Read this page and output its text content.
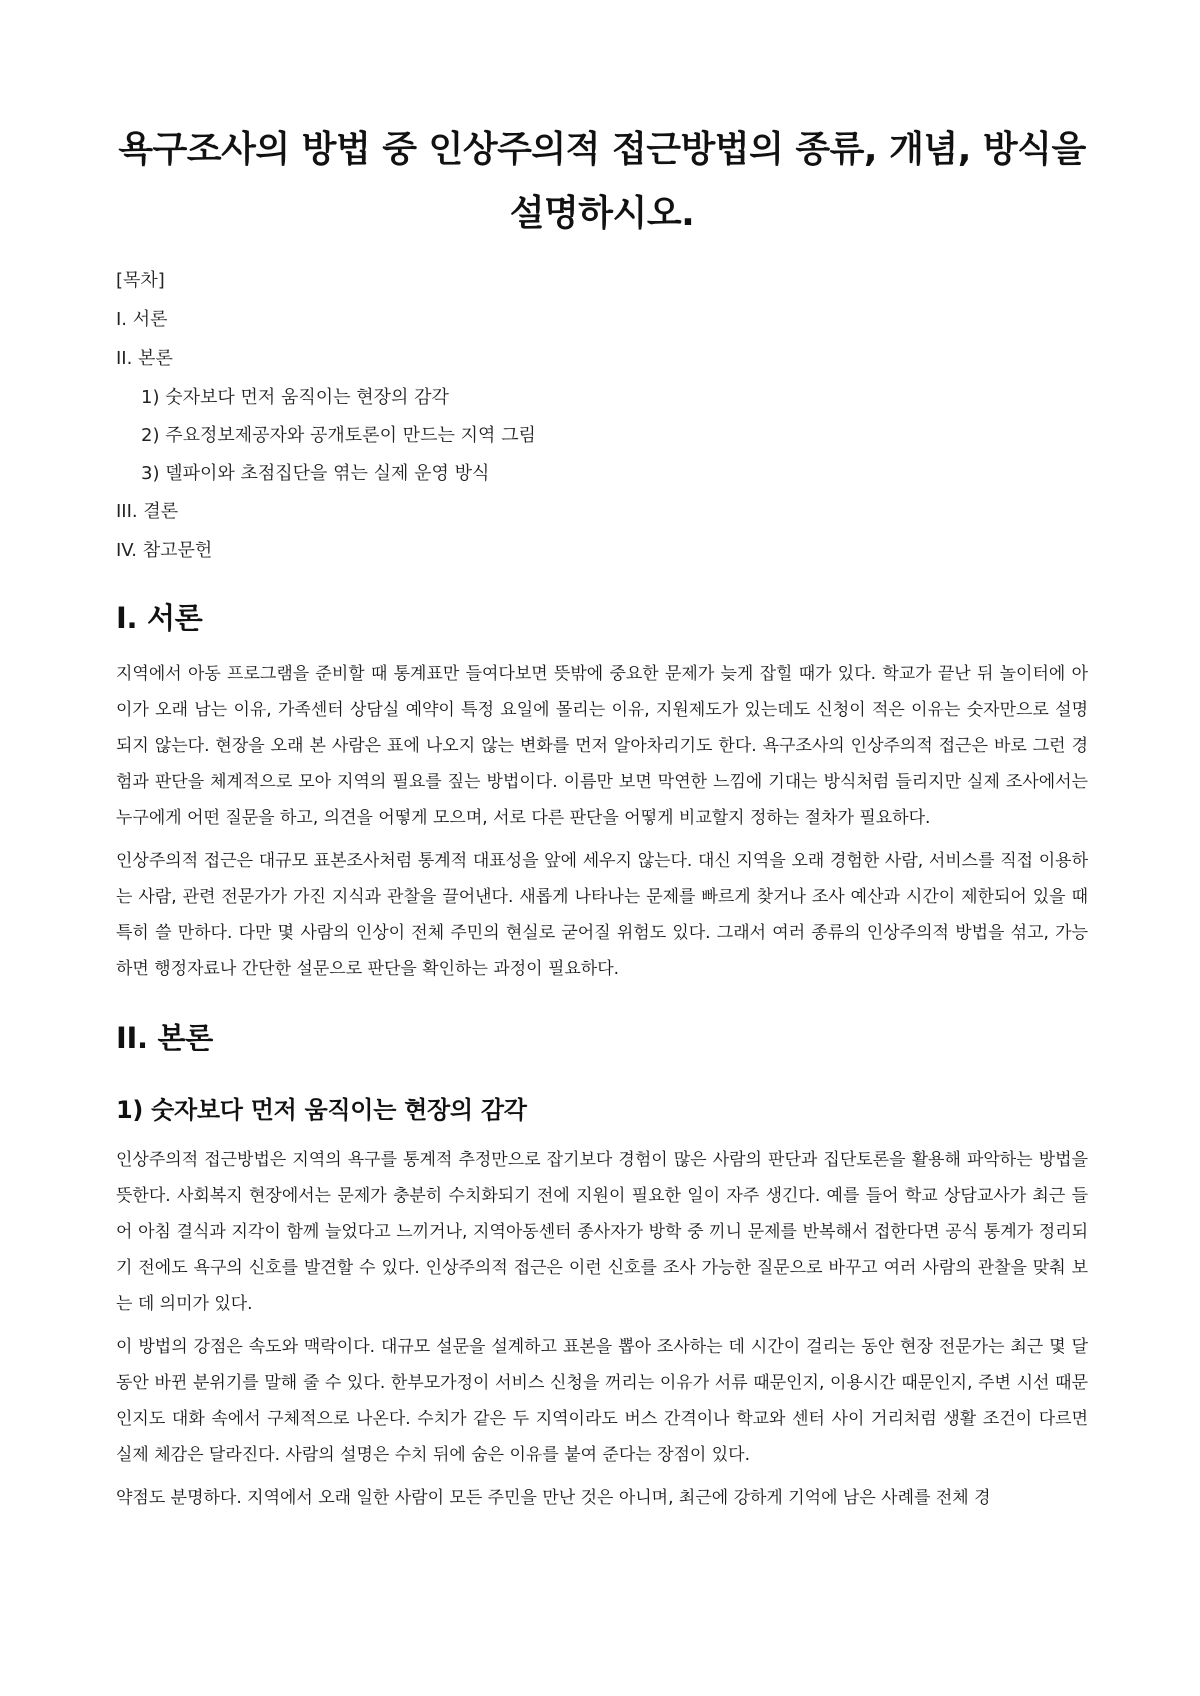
욕구조사의 방법 중 인상주의적 접근방법의 종류, 개념, 방식을 설명하시오.
[목차]
I. 서론
II. 본론
1) 숫자보다 먼저 움직이는 현장의 감각
2) 주요정보제공자와 공개토론이 만드는 지역 그림
3) 델파이와 초점집단을 엮는 실제 운영 방식
III. 결론
IV. 참고문헌
I. 서론

지역에서 아동 프로그램을 준비할 때 통계표만 들여다보면 뜻밖에 중요한 문제가 늦게 잡힐 때가 있다. 학교가 끝난 뒤 놀이터에 아이가 오래 남는 이유, 가족센터 상담실 예약이 특정 요일에 몰리는 이유, 지원제도가 있는데도 신청이 적은 이유는 숫자만으로 설명되지 않는다. 현장을 오래 본 사람은 표에 나오지 않는 변화를 먼저 알아차리기도 한다. 욕구조사의 인상주의적 접근은 바로 그런 경험과 판단을 체계적으로 모아 지역의 필요를 짚는 방법이다. 이름만 보면 막연한 느낌에 기대는 방식처럼 들리지만 실제 조사에서는 누구에게 어떤 질문을 하고, 의견을 어떻게 모으며, 서로 다른 판단을 어떻게 비교할지 정하는 절차가 필요하다.

인상주의적 접근은 대규모 표본조사처럼 통계적 대표성을 앞에 세우지 않는다. 대신 지역을 오래 경험한 사람, 서비스를 직접 이용하는 사람, 관련 전문가가 가진 지식과 관찰을 끌어낸다. 새롭게 나타나는 문제를 빠르게 찾거나 조사 예산과 시간이 제한되어 있을 때 특히 쓸 만하다. 다만 몇 사람의 인상이 전체 주민의 현실로 굳어질 위험도 있다. 그래서 여러 종류의 인상주의적 방법을 섞고, 가능하면 행정자료나 간단한 설문으로 판단을 확인하는 과정이 필요하다.

II. 본론
1) 숫자보다 먼저 움직이는 현장의 감각

인상주의적 접근방법은 지역의 욕구를 통계적 추정만으로 잡기보다 경험이 많은 사람의 판단과 집단토론을 활용해 파악하는 방법을 뜻한다. 사회복지 현장에서는 문제가 충분히 수치화되기 전에 지원이 필요한 일이 자주 생긴다. 예를 들어 학교 상담교사가 최근 들어 아침 결식과 지각이 함께 늘었다고 느끼거나, 지역아동센터 종사자가 방학 중 끼니 문제를 반복해서 접한다면 공식 통계가 정리되기 전에도 욕구의 신호를 발견할 수 있다. 인상주의적 접근은 이런 신호를 조사 가능한 질문으로 바꾸고 여러 사람의 관찰을 맞춰 보는 데 의미가 있다.

이 방법의 강점은 속도와 맥락이다. 대규모 설문을 설계하고 표본을 뽑아 조사하는 데 시간이 걸리는 동안 현장 전문가는 최근 몇 달 동안 바뀐 분위기를 말해 줄 수 있다. 한부모가정이 서비스 신청을 꺼리는 이유가 서류 때문인지, 이용시간 때문인지, 주변 시선 때문인지도 대화 속에서 구체적으로 나온다. 수치가 같은 두 지역이라도 버스 간격이나 학교와 센터 사이 거리처럼 생활 조건이 다르면 실제 체감은 달라진다. 사람의 설명은 수치 뒤에 숨은 이유를 붙여 준다는 장점이 있다.

약점도 분명하다. 지역에서 오래 일한 사람이 모든 주민을 만난 것은 아니며, 최근에 강하게 기억에 남은 사례를 전체 경
